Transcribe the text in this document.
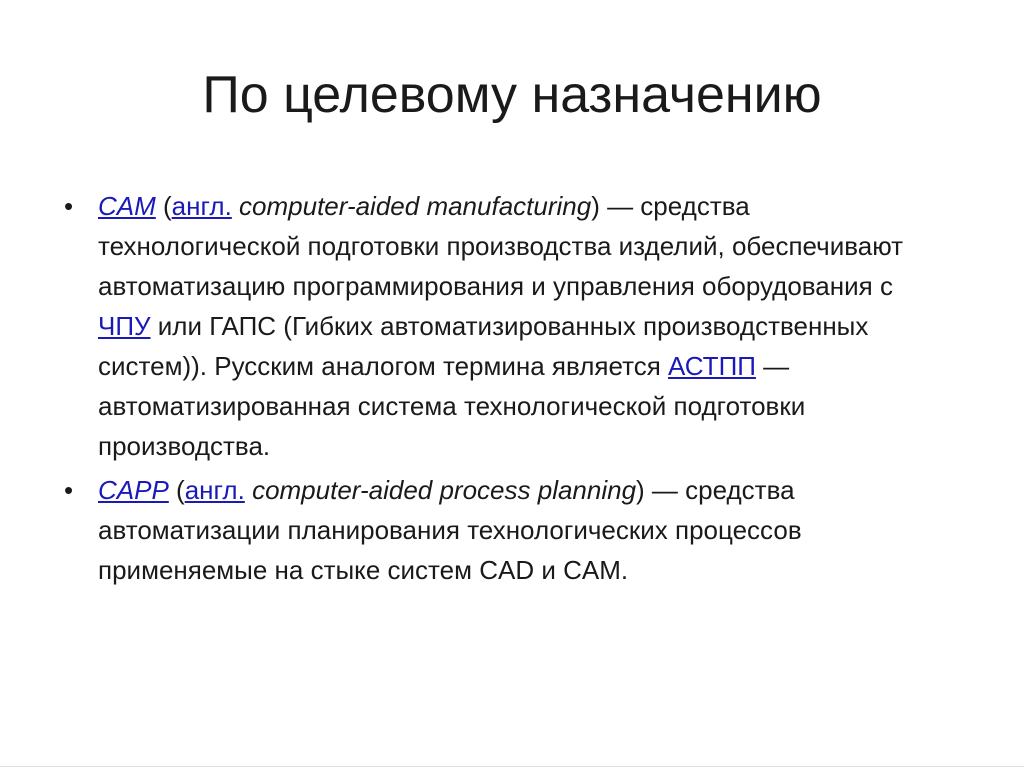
По целевому назначению
• CAM (англ. computer-aided manufacturing) — средства технологической подготовки производства изделий, обеспечивают автоматизацию программирования и управления оборудования с ЧПУ или ГАПС (Гибких автоматизированных производственных систем)). Русским аналогом термина является АСТПП — автоматизированная система технологической подготовки производства.
• CAPP (англ. computer-aided process planning) — средства автоматизации планирования технологических процессов применяемые на стыке систем CAD и CAM.
